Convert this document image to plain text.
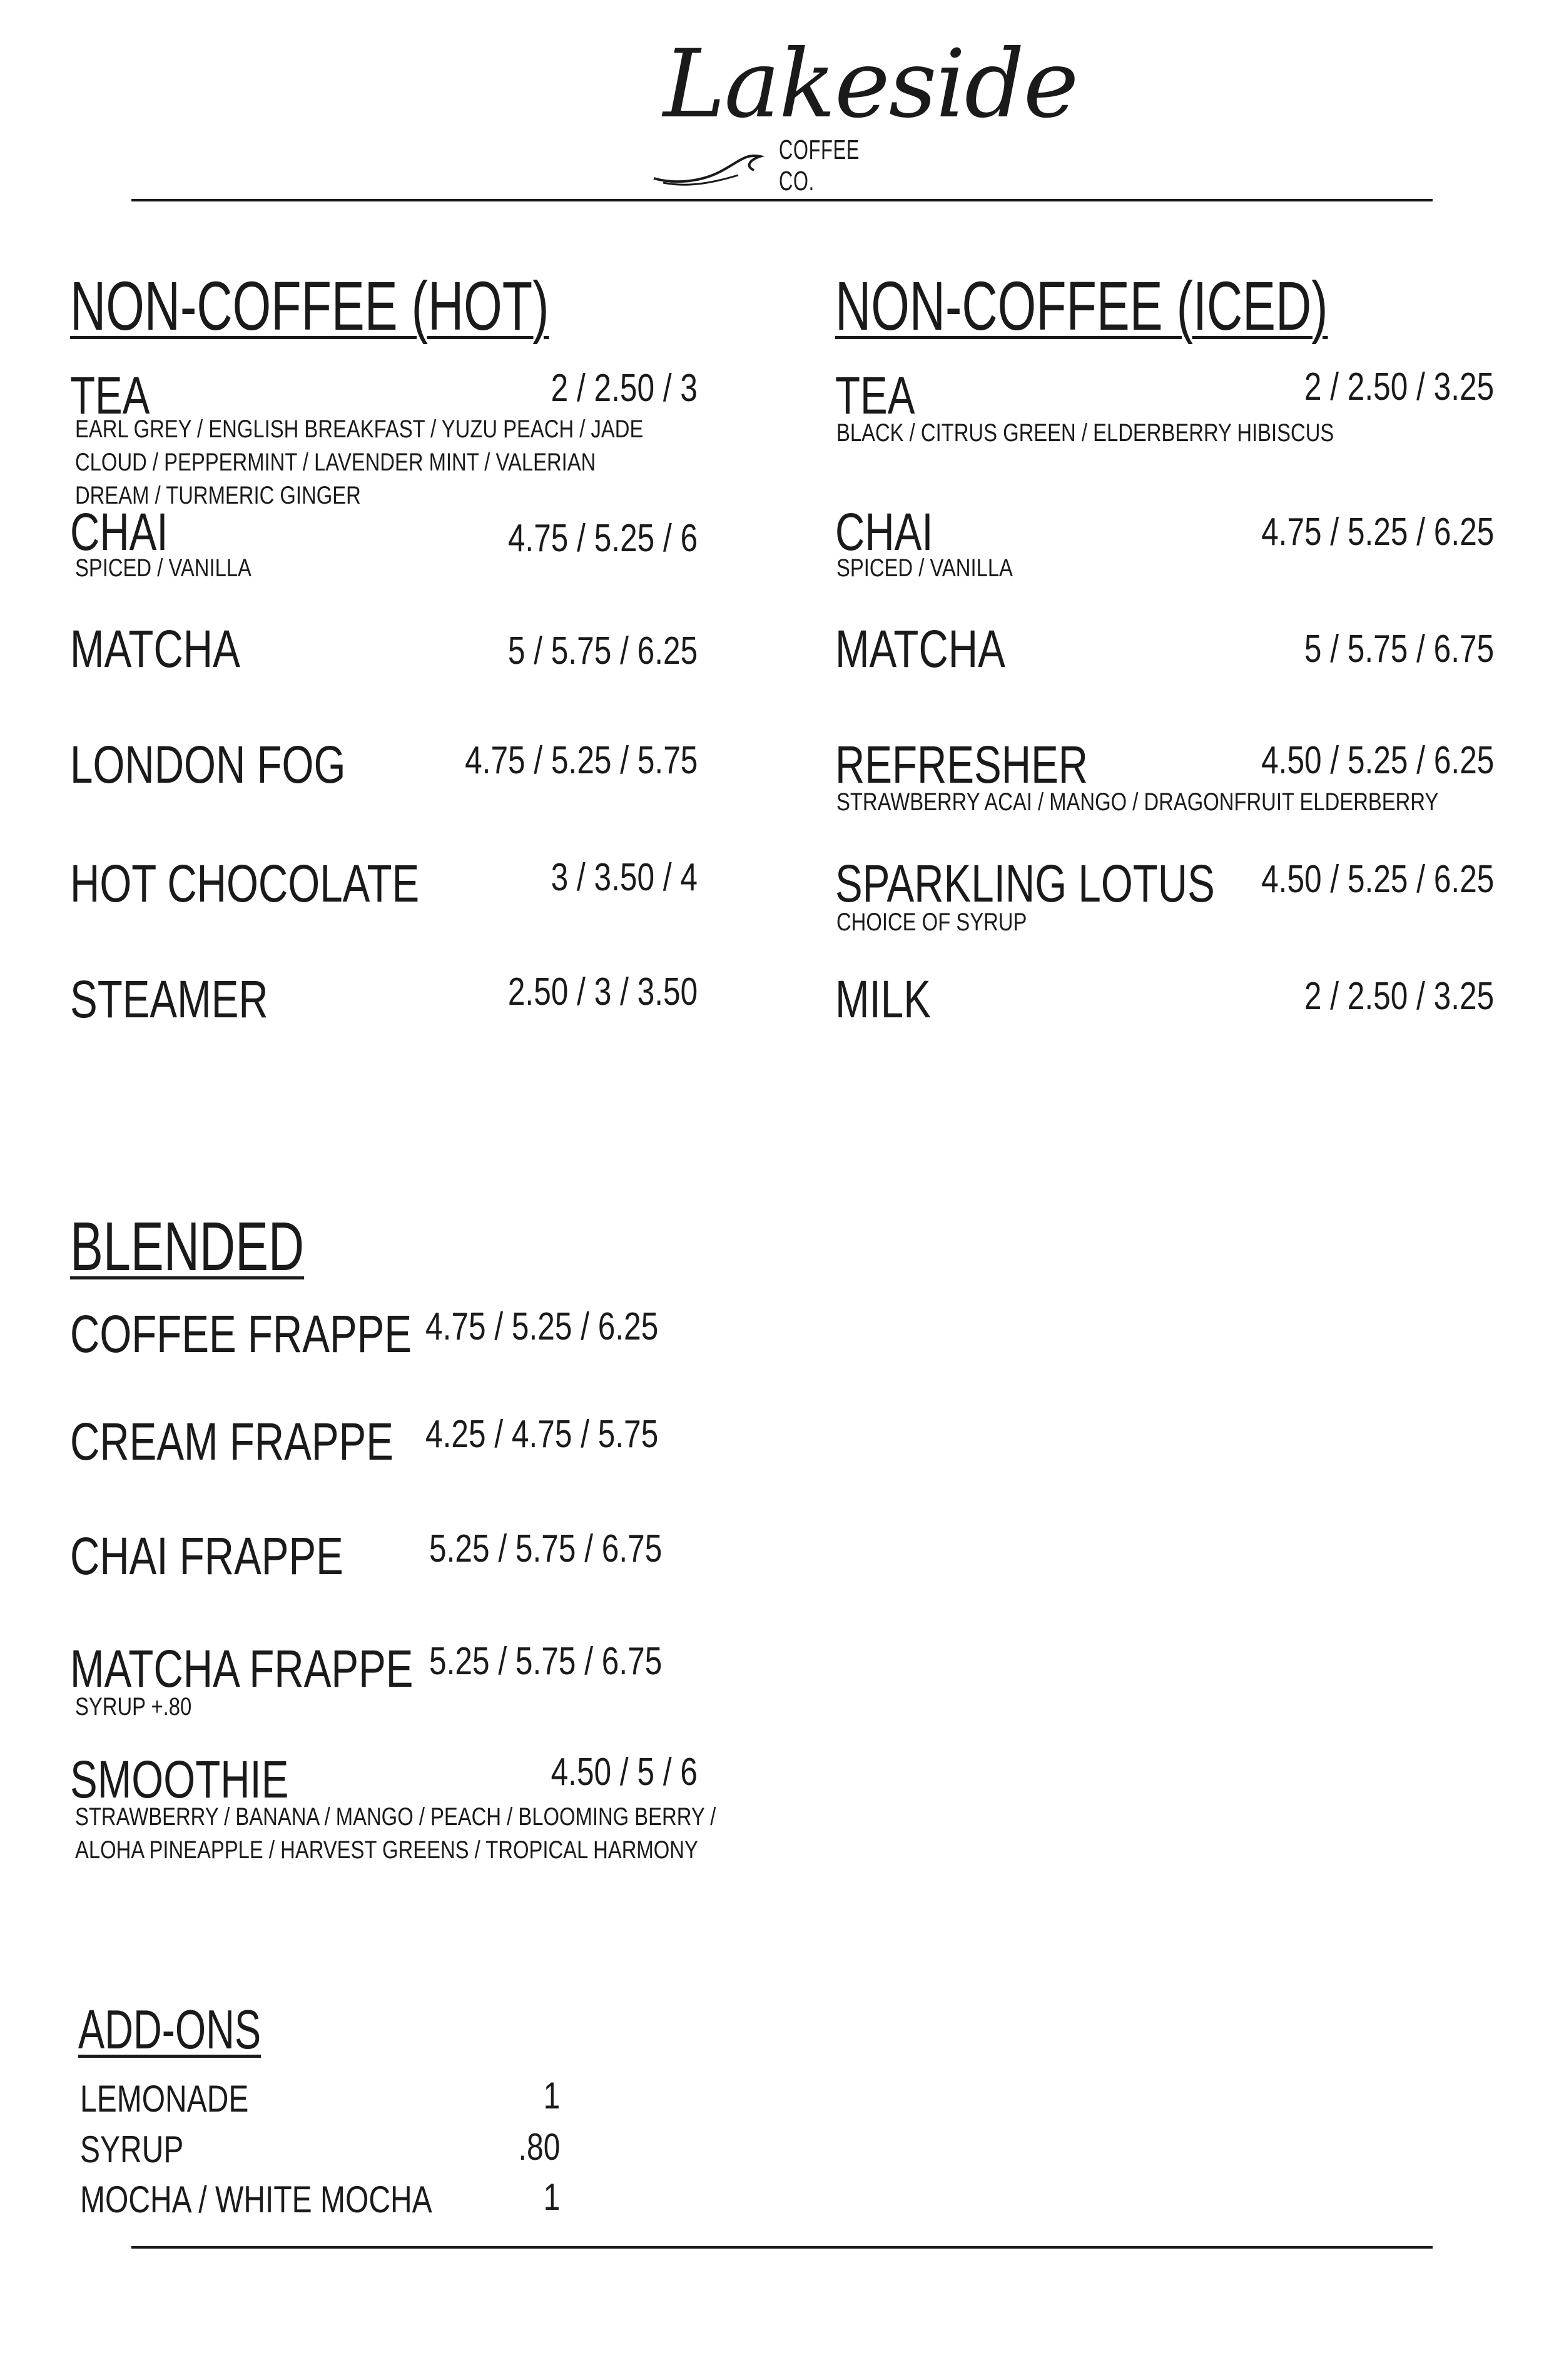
Lakeside
COFFEE CO.
NON-COFFEE (HOT)
TEA	2 / 2.50 / 3
EARL GREY / ENGLISH BREAKFAST / YUZU PEACH / JADE CLOUD / PEPPERMINT / LAVENDER MINT / VALERIAN DREAM / TURMERIC GINGER
CHAI	4.75 / 5.25 / 6
SPICED / VANILLA
MATCHA	5 / 5.75 / 6.25
LONDON FOG	4.75 / 5.25 / 5.75
HOT CHOCOLATE	3 / 3.50 / 4
STEAMER	2.50 / 3 / 3.50
NON-COFFEE (ICED)
TEA	2 / 2.50 / 3.25
BLACK / CITRUS GREEN / ELDERBERRY HIBISCUS
CHAI	4.75 / 5.25 / 6.25
SPICED / VANILLA
MATCHA	5 / 5.75 / 6.75
REFRESHER	4.50 / 5.25 / 6.25
STRAWBERRY ACAI / MANGO / DRAGONFRUIT ELDERBERRY
SPARKLING LOTUS 4.50 / 5.25 / 6.25
CHOICE OF SYRUP
MILK	2 / 2.50 / 3.25
BLENDED
COFFEE FRAPPE 4.75 / 5.25 / 6.25
CREAM FRAPPE 4.25 / 4.75 / 5.75
CHAI FRAPPE 5.25 / 5.75 / 6.75
MATCHA FRAPPE 5.25 / 5.75 / 6.75
SYRUP +.80
SMOOTHIE	4.50 / 5 / 6
STRAWBERRY / BANANA / MANGO / PEACH / BLOOMING BERRY / ALOHA PINEAPPLE / HARVEST GREENS / TROPICAL HARMONY
ADD-ONS
LEMONADE	1
SYRUP	.80
MOCHA / WHITE MOCHA	1
